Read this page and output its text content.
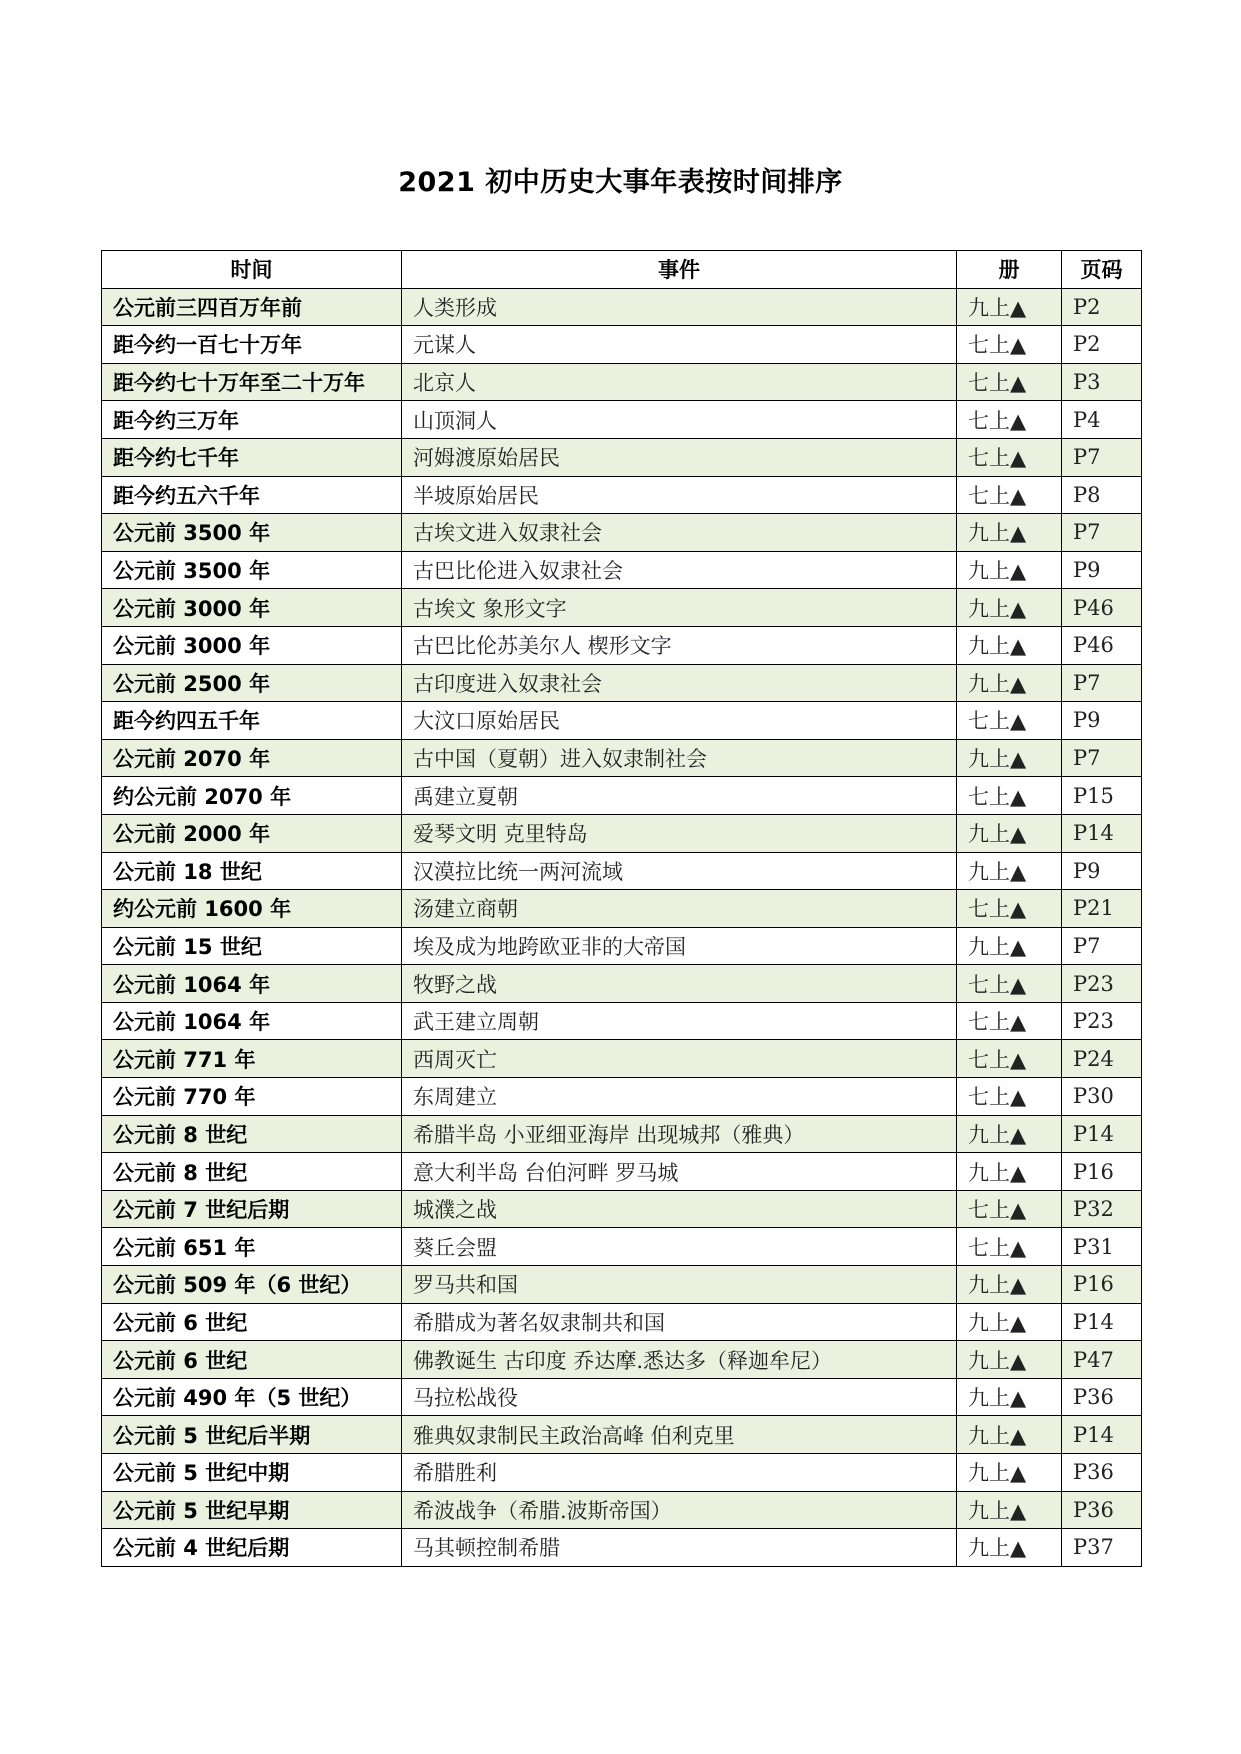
2021 初中历史大事年表按时间排序
时间	事件	册	页码
公元前三四百万年前	人类形成	九上▲	P2
距今约一百七十万年	元谋人	七上▲	P2
距今约七十万年至二十万年	北京人	七上▲	P3
距今约三万年	山顶洞人	七上▲	P4
距今约七千年	河姆渡原始居民	七上▲	P7
距今约五六千年	半坡原始居民	七上▲	P8
公元前 3500 年	古埃文进入奴隶社会	九上▲	P7
公元前 3500 年	古巴比伦进入奴隶社会	九上▲	P9
公元前 3000 年	古埃文 象形文字	九上▲	P46
公元前 3000 年	古巴比伦苏美尔人 楔形文字	九上▲	P46
公元前 2500 年	古印度进入奴隶社会	九上▲	P7
距今约四五千年	大汶口原始居民	七上▲	P9
公元前 2070 年	古中国（夏朝）进入奴隶制社会	九上▲	P7
约公元前 2070 年	禹建立夏朝	七上▲	P15
公元前 2000 年	爱琴文明 克里特岛	九上▲	P14
公元前 18 世纪	汉漠拉比统一两河流域	九上▲	P9
约公元前 1600 年	汤建立商朝	七上▲	P21
公元前 15 世纪	埃及成为地跨欧亚非的大帝国	九上▲	P7
公元前 1064 年	牧野之战	七上▲	P23
公元前 1064 年	武王建立周朝	七上▲	P23
公元前 771 年	西周灭亡	七上▲	P24
公元前 770 年	东周建立	七上▲	P30
公元前 8 世纪	希腊半岛 小亚细亚海岸 出现城邦（雅典）	九上▲	P14
公元前 8 世纪	意大利半岛 台伯河畔 罗马城	九上▲	P16
公元前 7 世纪后期	城濮之战	七上▲	P32
公元前 651 年	葵丘会盟	七上▲	P31
公元前 509 年（6 世纪）	罗马共和国	九上▲	P16
公元前 6 世纪	希腊成为著名奴隶制共和国	九上▲	P14
公元前 6 世纪	佛教诞生 古印度 乔达摩.悉达多（释迦牟尼）	九上▲	P47
公元前 490 年（5 世纪）	马拉松战役	九上▲	P36
公元前 5 世纪后半期	雅典奴隶制民主政治高峰 伯利克里	九上▲	P14
公元前 5 世纪中期	希腊胜利	九上▲	P36
公元前 5 世纪早期	希波战争（希腊.波斯帝国）	九上▲	P36
公元前 4 世纪后期	马其顿控制希腊	九上▲	P37
